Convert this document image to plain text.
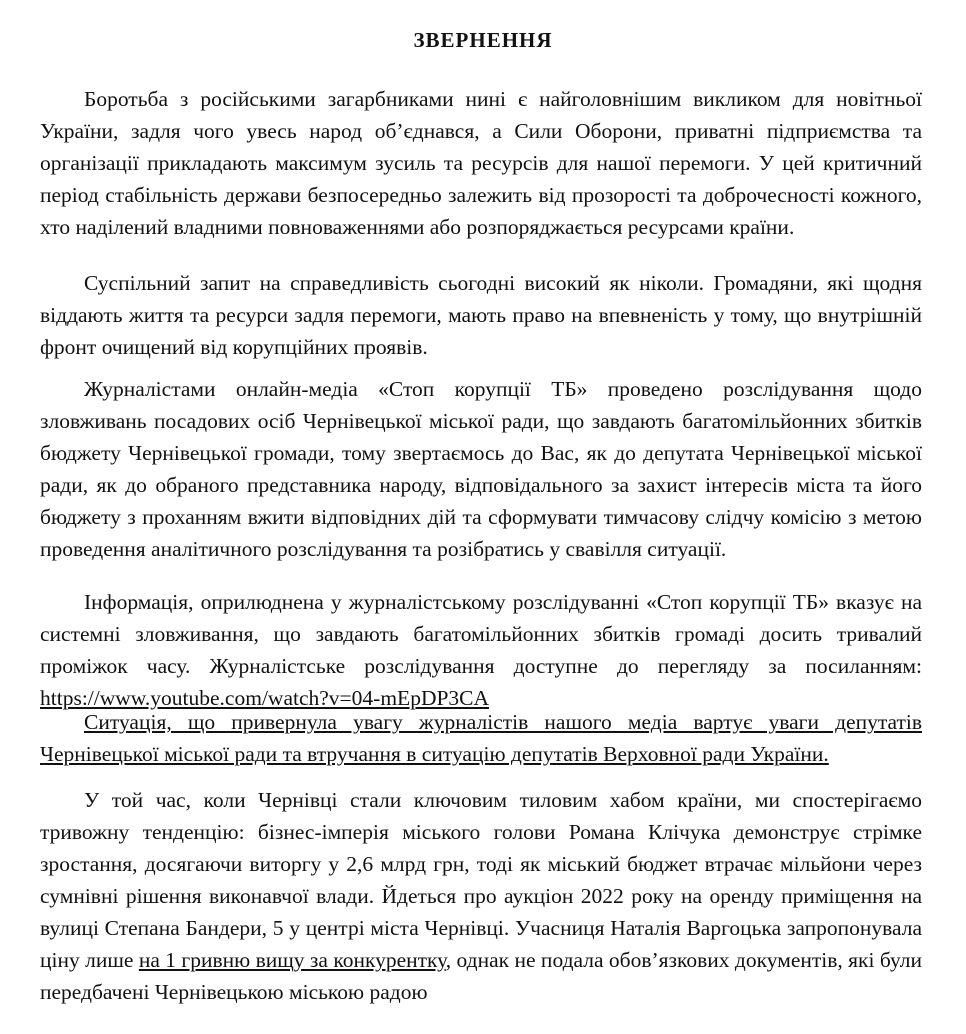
ЗВЕРНЕННЯ

Боротьба з російськими загарбниками нині є найголовнішим викликом для новітньої України, задля чого увесь народ об’єднався, а Сили Оборони, приватні підприємства та організації прикладають максимум зусиль та ресурсів для нашої перемоги. У цей критичний період стабільність держави безпосередньо залежить від прозорості та доброчесності кожного, хто наділений владними повноваженнями або розпоряджається ресурсами країни.

Суспільний запит на справедливість сьогодні високий як ніколи. Громадяни, які щодня віддають життя та ресурси задля перемоги, мають право на впевненість у тому, що внутрішній фронт очищений від корупційних проявів.

Журналістами онлайн-медіа «Стоп корупції ТБ» проведено розслідування щодо зловживань посадових осіб Чернівецької міської ради, що завдають багатомільйонних збитків бюджету Чернівецької громади, тому звертаємось до Вас, як до депутата Чернівецької міської ради, як до обраного представника народу, відповідального за захист інтересів міста та його бюджету з проханням вжити відповідних дій та сформувати тимчасову слідчу комісію з метою проведення аналітичного розслідування та розібратись у свавілля ситуації.

Інформація, оприлюднена у журналістському розслідуванні «Стоп корупції ТБ» вказує на системні зловживання, що завдають багатомільйонних збитків громаді досить тривалий проміжок часу. Журналістське розслідування доступне до перегляду за посиланням: https://www.youtube.com/watch?v=04-mEpDP3CA

Ситуація, що привернула увагу журналістів нашого медіа вартує уваги депутатів Чернівецької міської ради та втручання в ситуацію депутатів Верховної ради України.

У той час, коли Чернівці стали ключовим тиловим хабом країни, ми спостерігаємо тривожну тенденцію: бізнес-імперія міського голови Романа Клічука демонструє стрімке зростання, досягаючи виторгу у 2,6 млрд грн, тоді як міський бюджет втрачає мільйони через сумнівні рішення виконавчої влади. Йдеться про аукціон 2022 року на оренду приміщення на вулиці Степана Бандери, 5 у центрі міста Чернівці. Учасниця Наталія Варгоцька запропонувала ціну лише на 1 гривню вищу за конкурентку, однак не подала обов’язкових документів, які були передбачені Чернівецькою міською радою
